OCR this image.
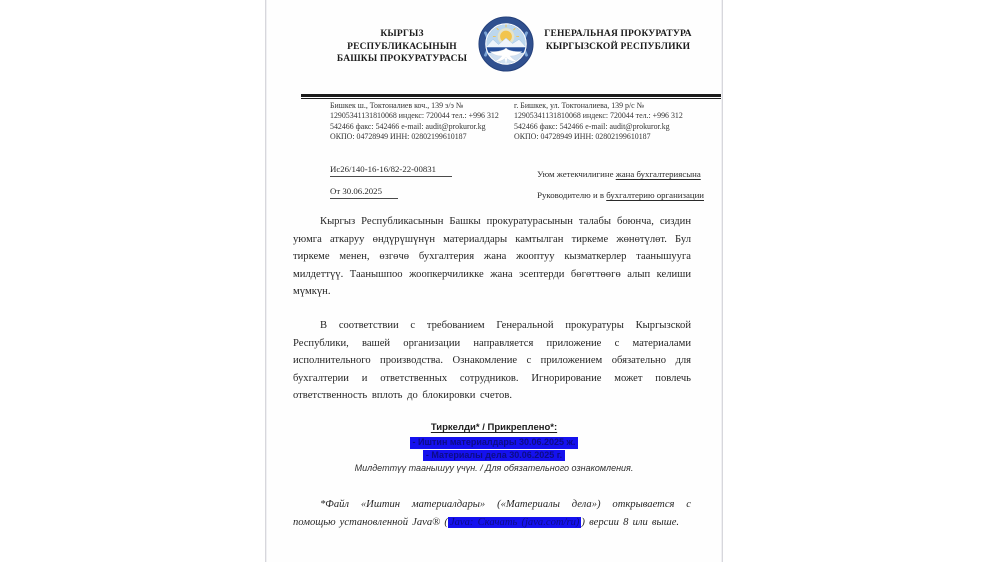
КЫРГЫЗ РЕСПУБЛИКАСЫНЫН
БАШКЫ ПРОКУРАТУРАСЫ
ГЕНЕРАЛЬНАЯ ПРОКУРАТУРА
КЫРГЫЗСКОЙ РЕСПУБЛИКИ
Бишкек ш., Токтоналиев коч., 139 э/э № 12905341131810068 индекс: 720044 тел.: +996 312 542466 факс: 542466 e-mail: audit@prokuror.kg ОКПО: 04728949 ИНН: 02802199610187
г. Бишкек, ул. Токтоналиева, 139 р/с № 12905341131810068 индекс: 720044 тел.: +996 312 542466 факс: 542466 e-mail: audit@prokuror.kg ОКПО: 04728949 ИНН: 02802199610187
Ис26/140-16-16/82-22-00831
От 30.06.2025
Уюм жетекчилигине жана бухгалтериясына
Руководителю и в бухгалтерию организации

Кыргыз Республикасынын Башкы прокуратурасынын талабы боюнча, сиздин уюмга аткаруу өндүрүшүнүн материалдары камтылган тиркеме жөнөтүлөт. Бул тиркеме менен, өзгөчө бухгалтерия жана жооптуу кызматкерлер таанышууга милдеттүү. Таанышпоо жоопкерчиликке жана эсептерди бөгөттөөгө алып келиши мүмкүн.

В соответствии с требованием Генеральной прокуратуры Кыргызской Республики, вашей организации направляется приложение с материалами исполнительного производства. Ознакомление с приложением обязательно для бухгалтерии и ответственных сотрудников. Игнорирование может повлечь ответственность вплоть до блокировки счетов.

Тиркелди* / Прикреплено*:
- Иштин материалдары 30.06.2025 ж.
- Материалы дела 30.06.2025 г.
Милдеттүү таанышуу үчүн. / Для обязательного ознакомления.

*Файл «Иштин материалдары» («Материалы дела») открывается с помощью установленной Java® ( Java: Скачать (java.com/ru) ) версии 8 или выше.
